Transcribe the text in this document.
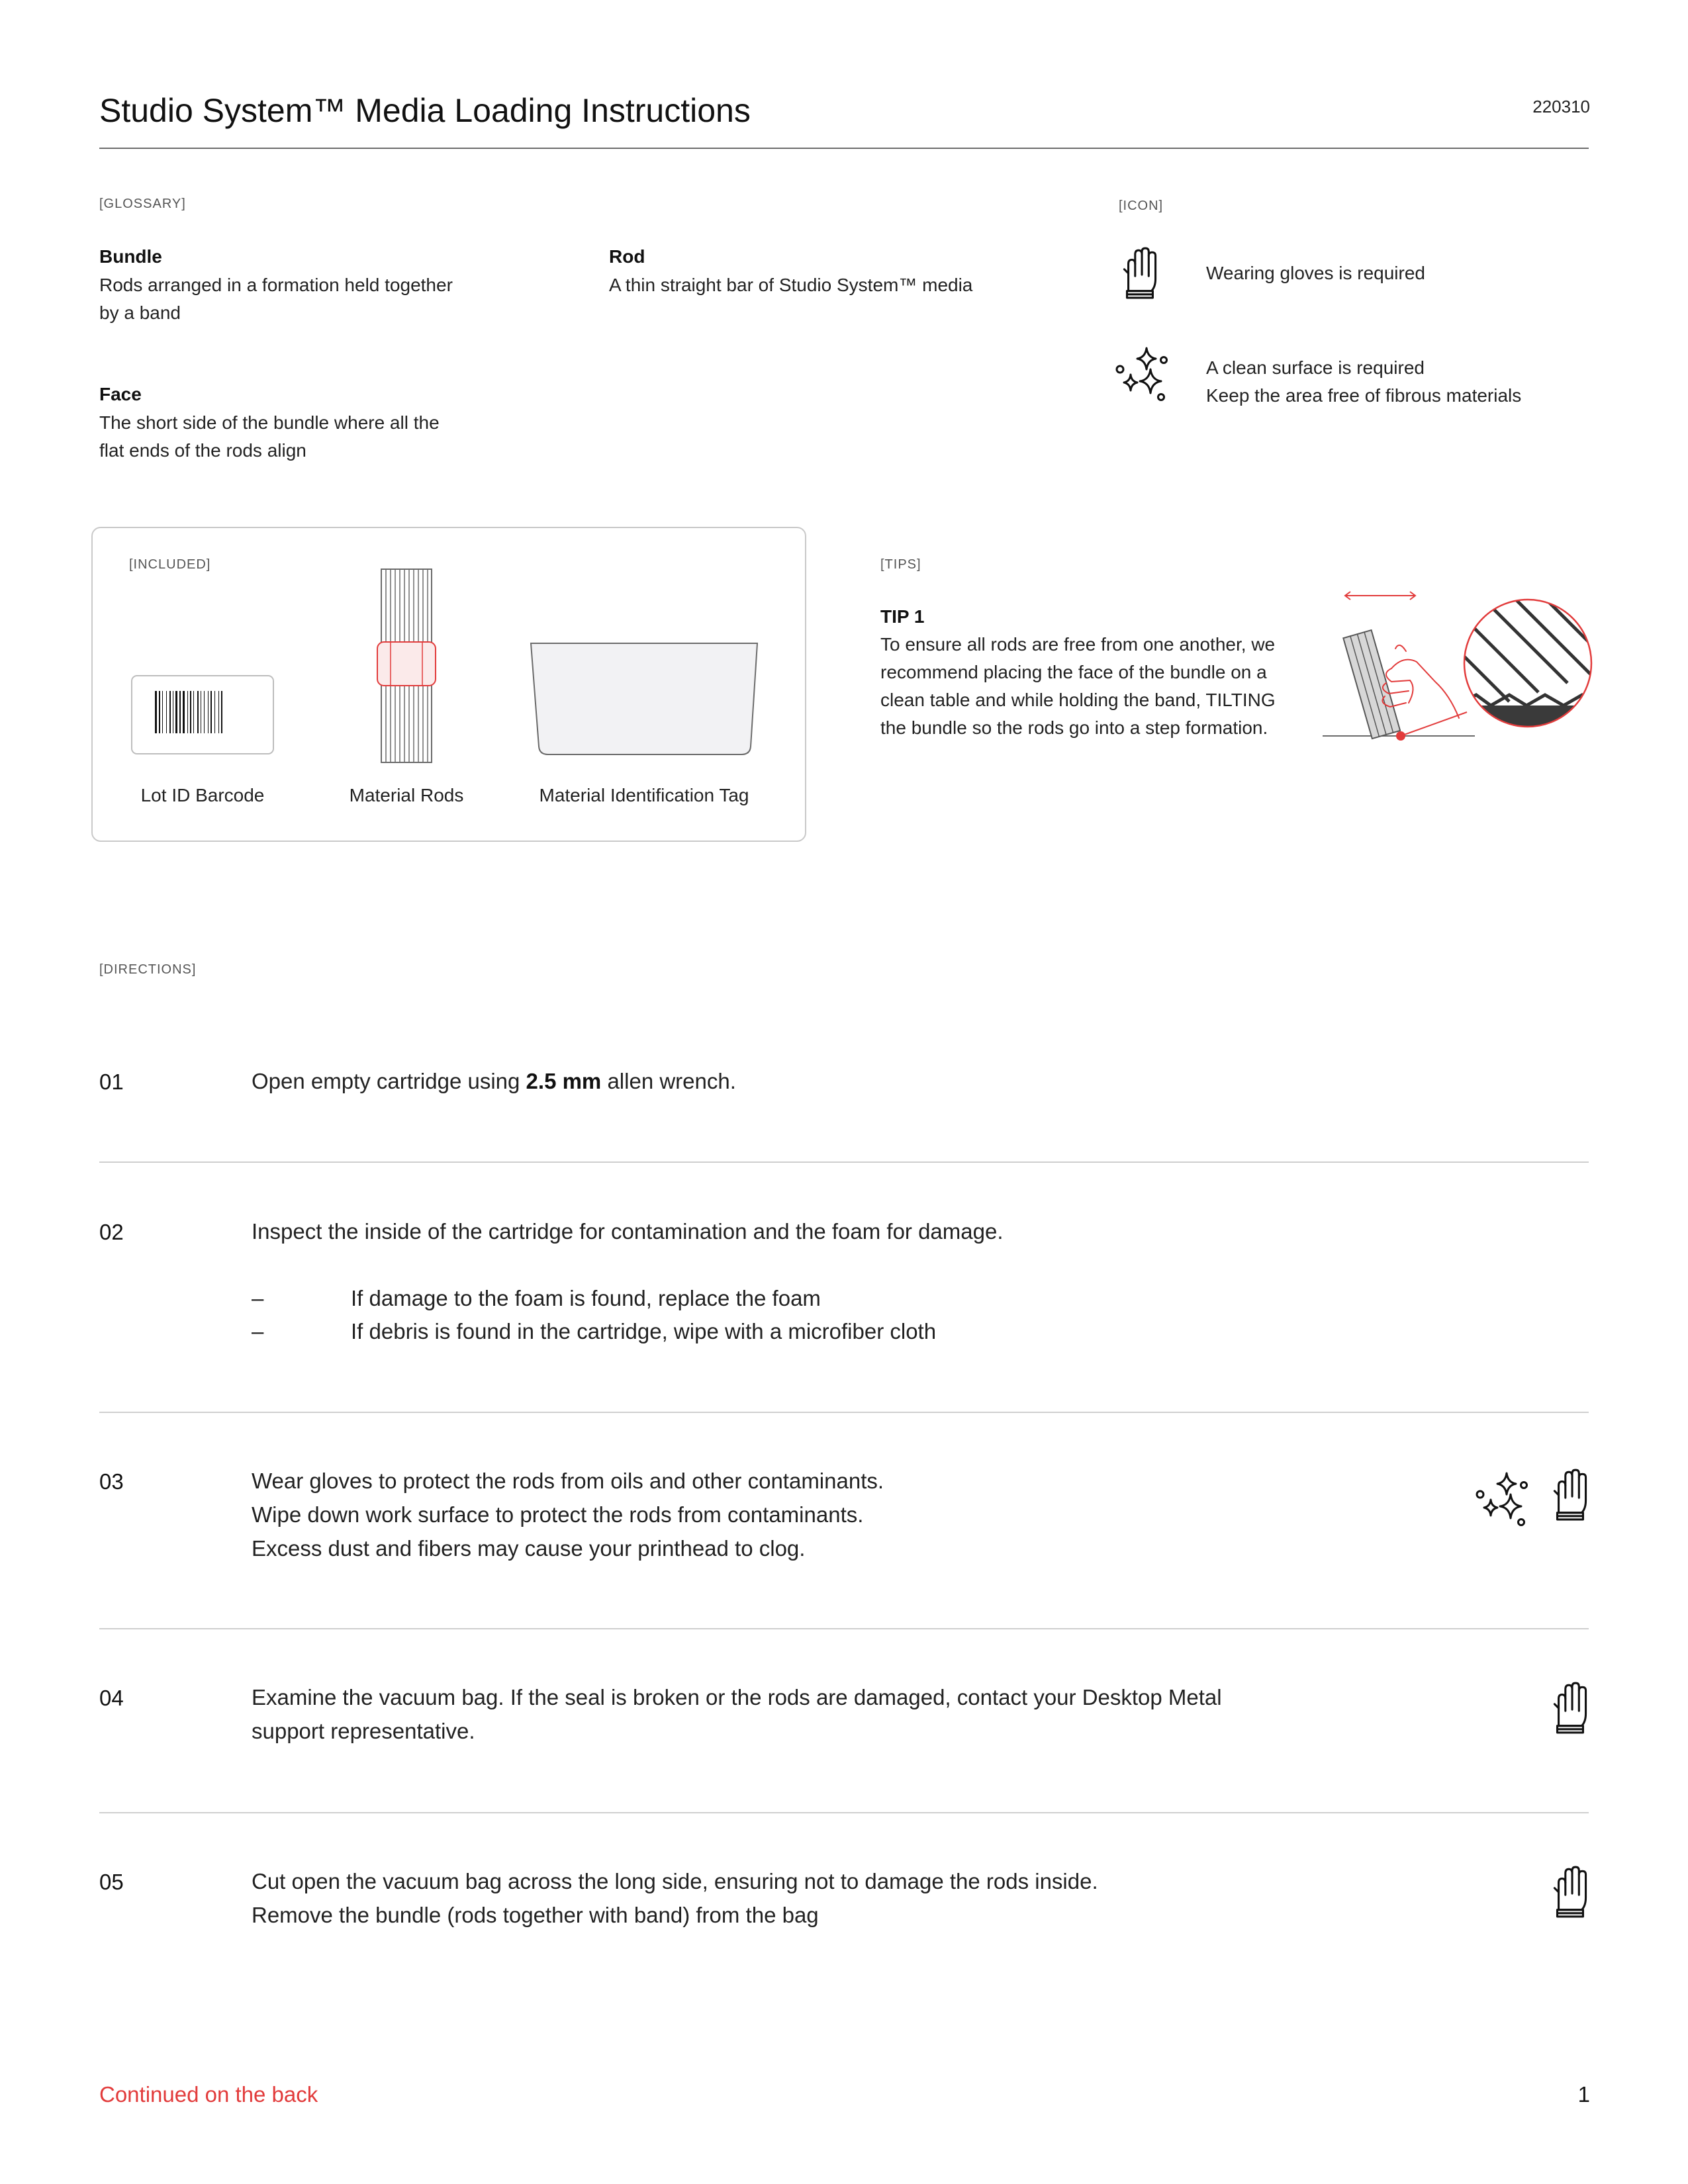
Studio System™ Media Loading Instructions	220310
[GLOSSARY]
Bundle
Rods arranged in a formation held together
by a band
Rod
A thin straight bar of Studio System™ media
Face
The short side of the bundle where all the
flat ends of the rods align
[ICON]
Wearing gloves is required
A clean surface is required
Keep the area free of fibrous materials
[INCLUDED]
Lot ID Barcode	Material Rods	Material Identification Tag
[TIPS]
TIP 1
To ensure all rods are free from one another, we
recommend placing the face of the bundle on a
clean table and while holding the band, TILTING
the bundle so the rods go into a step formation.
[DIRECTIONS]
01	Open empty cartridge using 2.5 mm allen wrench.
02	Inspect the inside of the cartridge for contamination and the foam for damage.
–	If damage to the foam is found, replace the foam
–	If debris is found in the cartridge, wipe with a microfiber cloth
03	Wear gloves to protect the rods from oils and other contaminants.
Wipe down work surface to protect the rods from contaminants.
Excess dust and fibers may cause your printhead to clog.
04	Examine the vacuum bag. If the seal is broken or the rods are damaged, contact your Desktop Metal
support representative.
05	Cut open the vacuum bag across the long side, ensuring not to damage the rods inside.
Remove the bundle (rods together with band) from the bag
Continued on the back	1
